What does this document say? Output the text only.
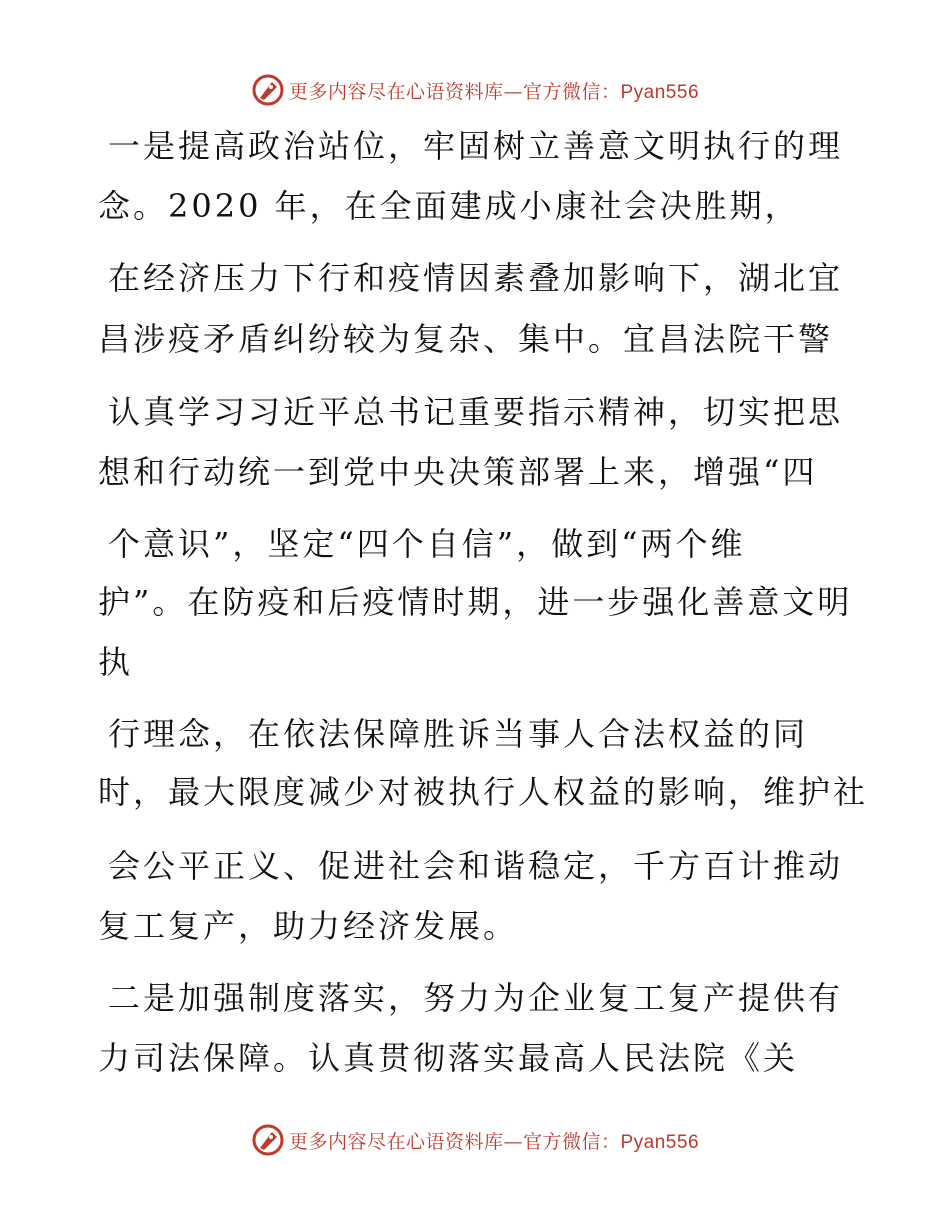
更多内容尽在心语资料库—官方微信：Pyan556
一是提高政治站位，牢固树立善意文明执行的理
念。2020 年，在全面建成小康社会决胜期，
在经济压力下行和疫情因素叠加影响下，湖北宜
昌涉疫矛盾纠纷较为复杂、集中。宜昌法院干警
认真学习习近平总书记重要指示精神，切实把思
想和行动统一到党中央决策部署上来，增强“四
个意识”，坚定“四个自信”，做到“两个维
护”。在防疫和后疫情时期，进一步强化善意文明
执
行理念，在依法保障胜诉当事人合法权益的同
时，最大限度减少对被执行人权益的影响，维护社
会公平正义、促进社会和谐稳定，千方百计推动
复工复产，助力经济发展。
二是加强制度落实，努力为企业复工复产提供有
力司法保障。认真贯彻落实最高人民法院《关
更多内容尽在心语资料库—官方微信：Pyan556
